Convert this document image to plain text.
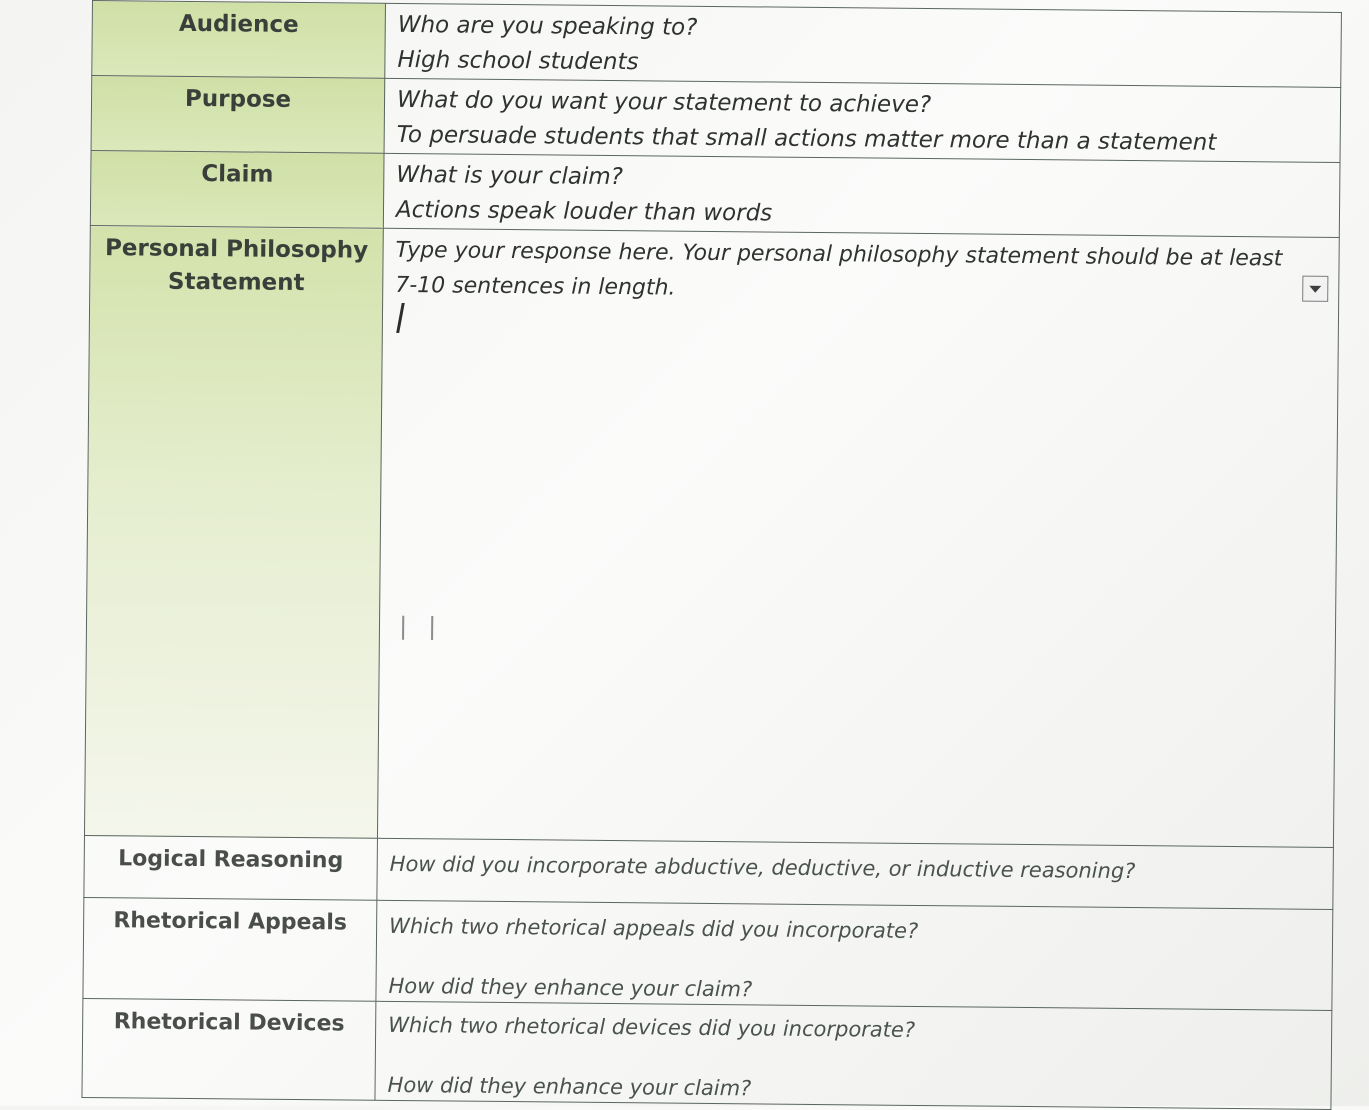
Audience	Who are you speaking to?
High school students

Purpose	What do you want your statement to achieve?
To persuade students that small actions matter more than a statement

Claim	What is your claim?
Actions speak louder than words

Personal Philosophy
Statement	Type your response here. Your personal philosophy statement should be at least
7-10 sentences in length.
| |

Logical Reasoning	How did you incorporate abductive, deductive, or inductive reasoning?

Rhetorical Appeals	Which two rhetorical appeals did you incorporate?
How did they enhance your claim?

Rhetorical Devices	Which two rhetorical devices did you incorporate?
How did they enhance your claim?
